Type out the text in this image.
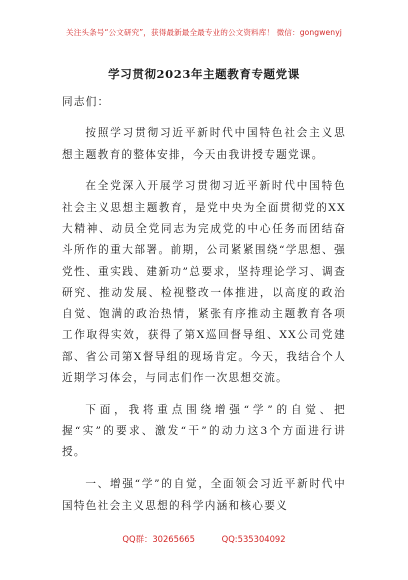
关注头条号“公文研究”，获得最新最全最专业的公文资料库！ 微信：gongwenyj
学习贯彻2023年主题教育专题党课

同志们：

按照学习贯彻习近平新时代中国特色社会主义思想主题教育的整体安排，今天由我讲授专题党课。

在全党深入开展学习贯彻习近平新时代中国特色社会主义思想主题教育，是党中央为全面贯彻党的XX大精神、动员全党同志为完成党的中心任务而团结奋斗所作的重大部署。前期，公司紧紧围绕“学思想、强党性、重实践、建新功”总要求，坚持理论学习、调查研究、推动发展、检视整改一体推进，以高度的政治自觉、饱满的政治热情，紧张有序推动主题教育各项工作取得实效，获得了第X巡回督导组、XX公司党建部、省公司第X督导组的现场肯定。今天，我结合个人近期学习体会，与同志们作一次思想交流。

下面，我将重点围绕增强“学”的自觉、把握“实”的要求、激发“干”的动力这3个方面进行讲授。

一、增强“学”的自觉，全面领会习近平新时代中国特色社会主义思想的科学内涵和核心要义

QQ群：30265665	QQ:535304092
